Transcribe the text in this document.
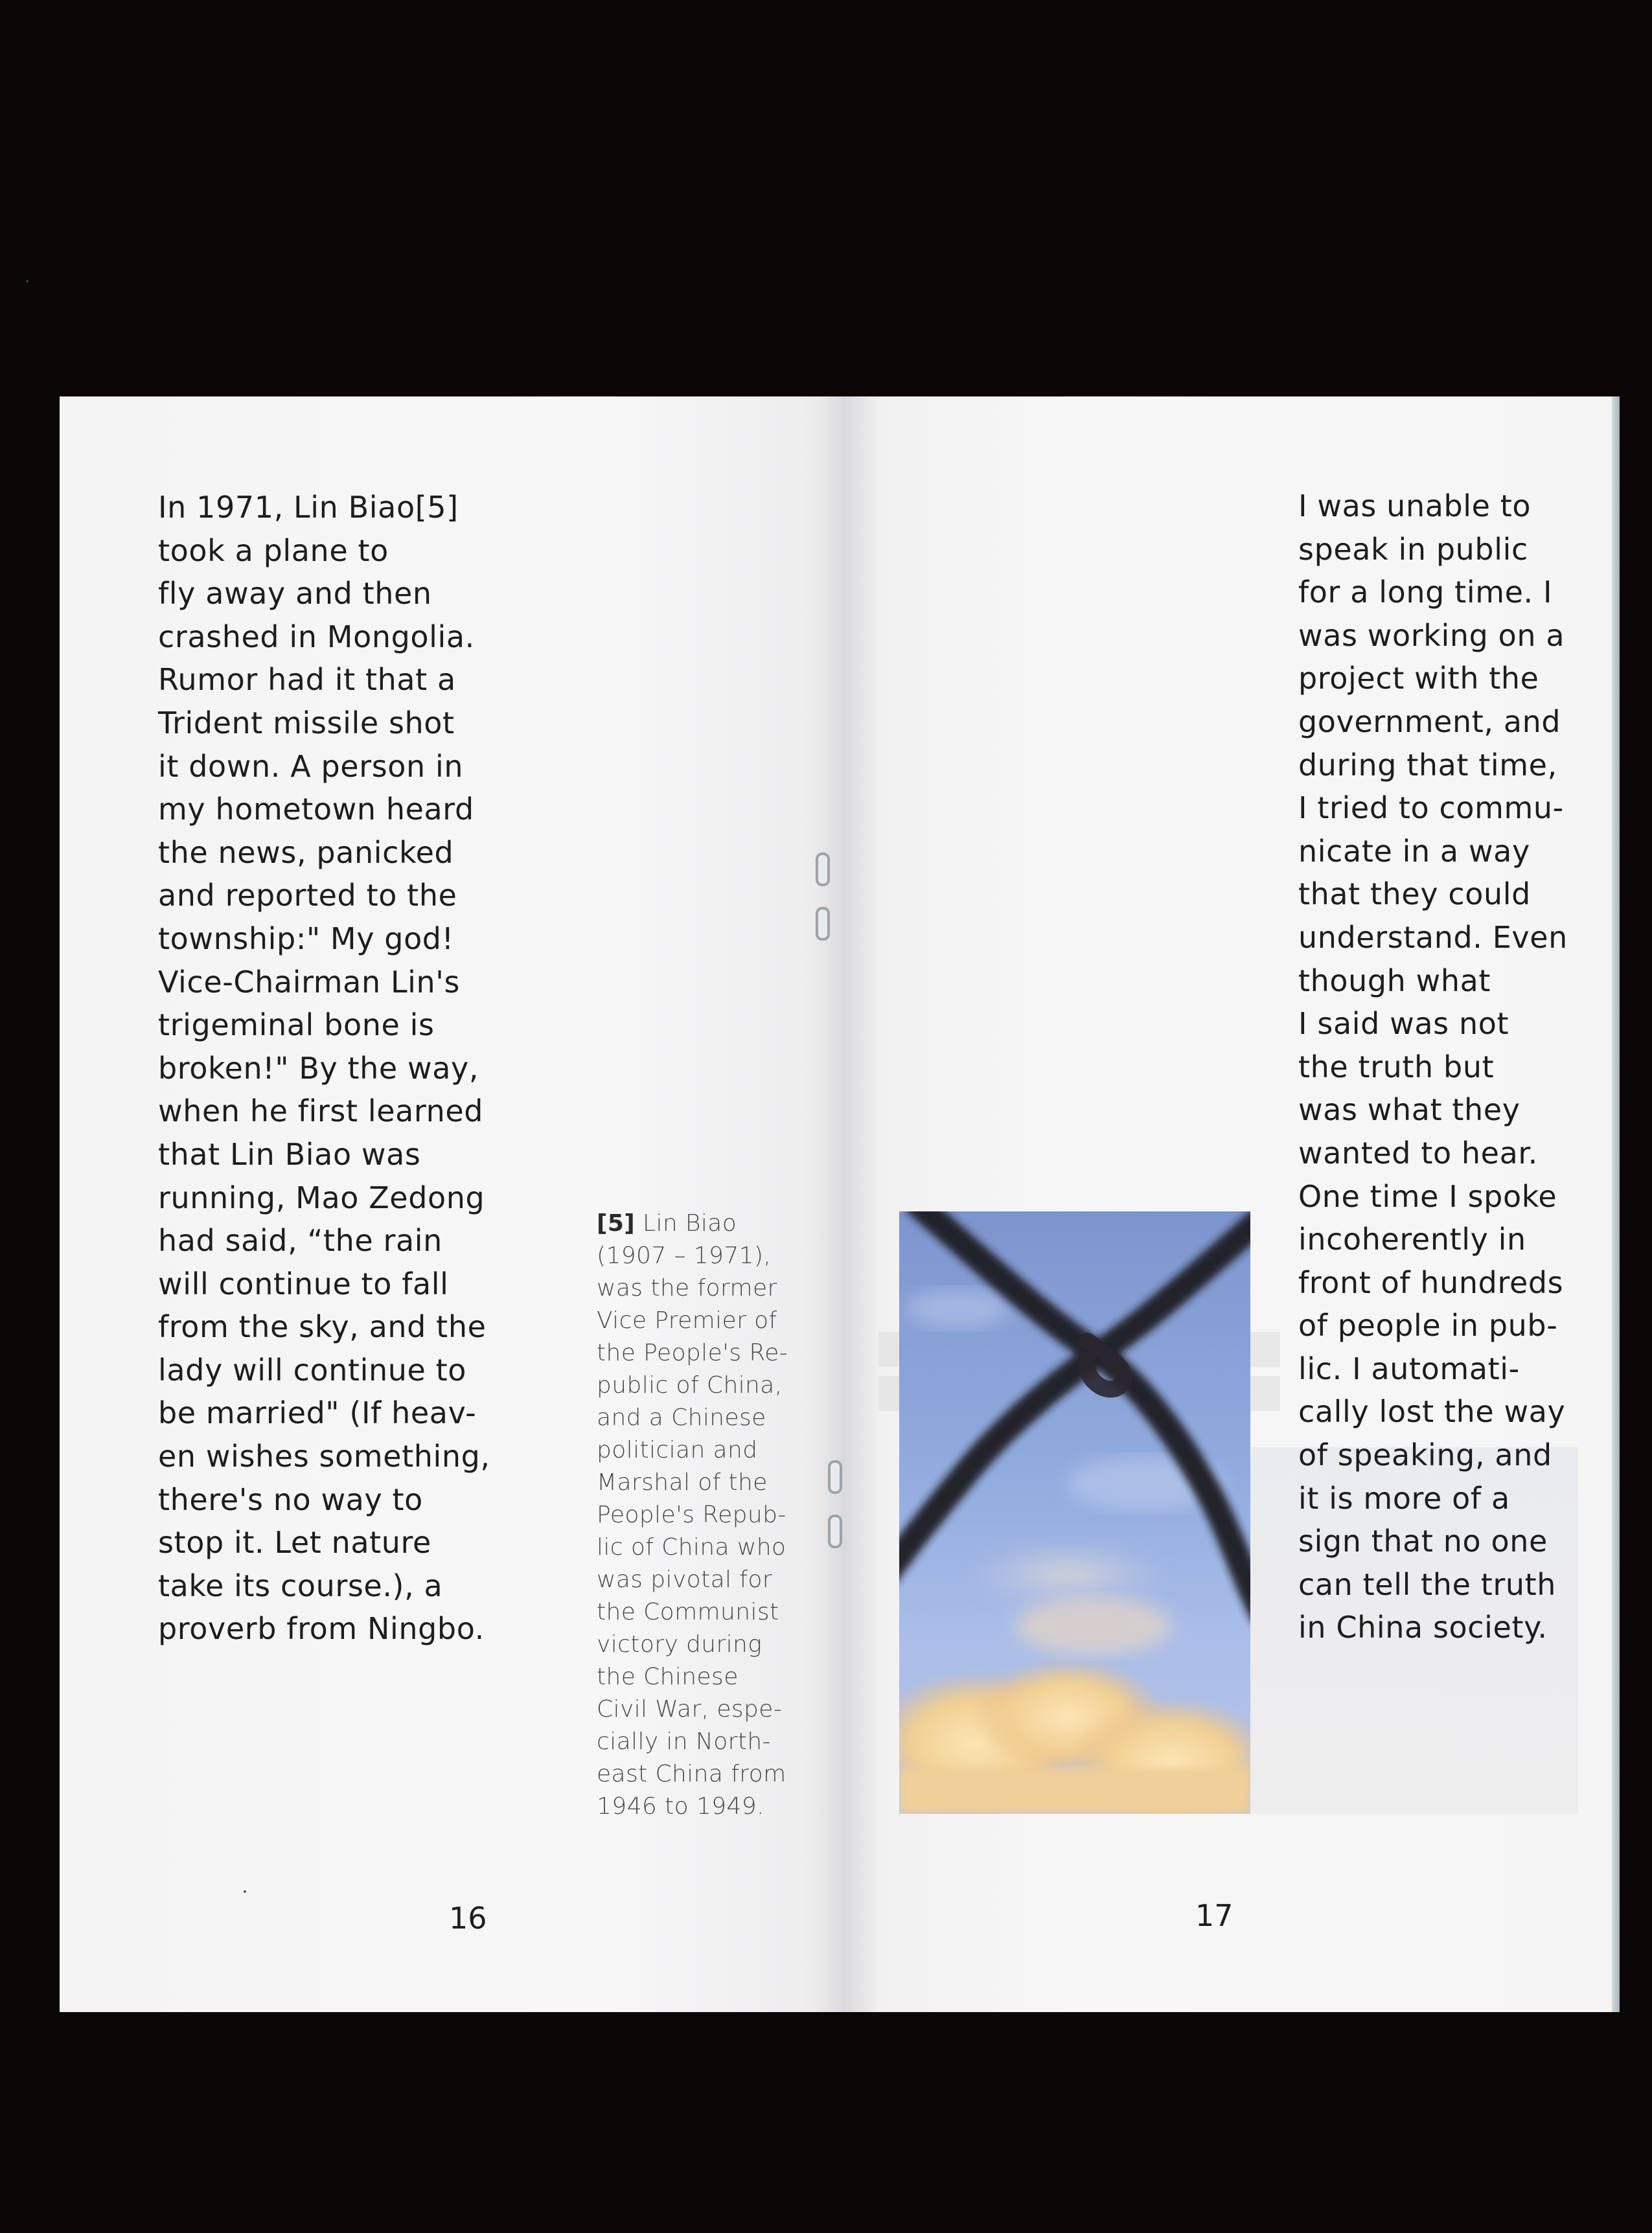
In 1971, Lin Biao[5]
took a plane to
fly away and then
crashed in Mongolia.
Rumor had it that a
Trident missile shot
it down. A person in
my hometown heard
the news, panicked
and reported to the
township:" My god!
Vice-Chairman Lin's
trigeminal bone is
broken!" By the way,
when he first learned
that Lin Biao was
running, Mao Zedong
had said, “the rain
will continue to fall
from the sky, and the
lady will continue to
be married" (If heav-
en wishes something,
there's no way to
stop it. Let nature
take its course.), a
proverb from Ningbo.
[5] Lin Biao
(1907 – 1971),
was the former
Vice Premier of
the People's Re-
public of China,
and a Chinese
politician and
Marshal of the
People's Repub-
lic of China who
was pivotal for
the Communist
victory during
the Chinese
Civil War, espe-
cially in North-
east China from
1946 to 1949.
16	17
I was unable to
speak in public
for a long time. I
was working on a
project with the
government, and
during that time,
I tried to commu-
nicate in a way
that they could
understand. Even
though what
I said was not
the truth but
was what they
wanted to hear.
One time I spoke
incoherently in
front of hundreds
of people in pub-
lic. I automati-
cally lost the way
of speaking, and
it is more of a
sign that no one
can tell the truth
in China society.
